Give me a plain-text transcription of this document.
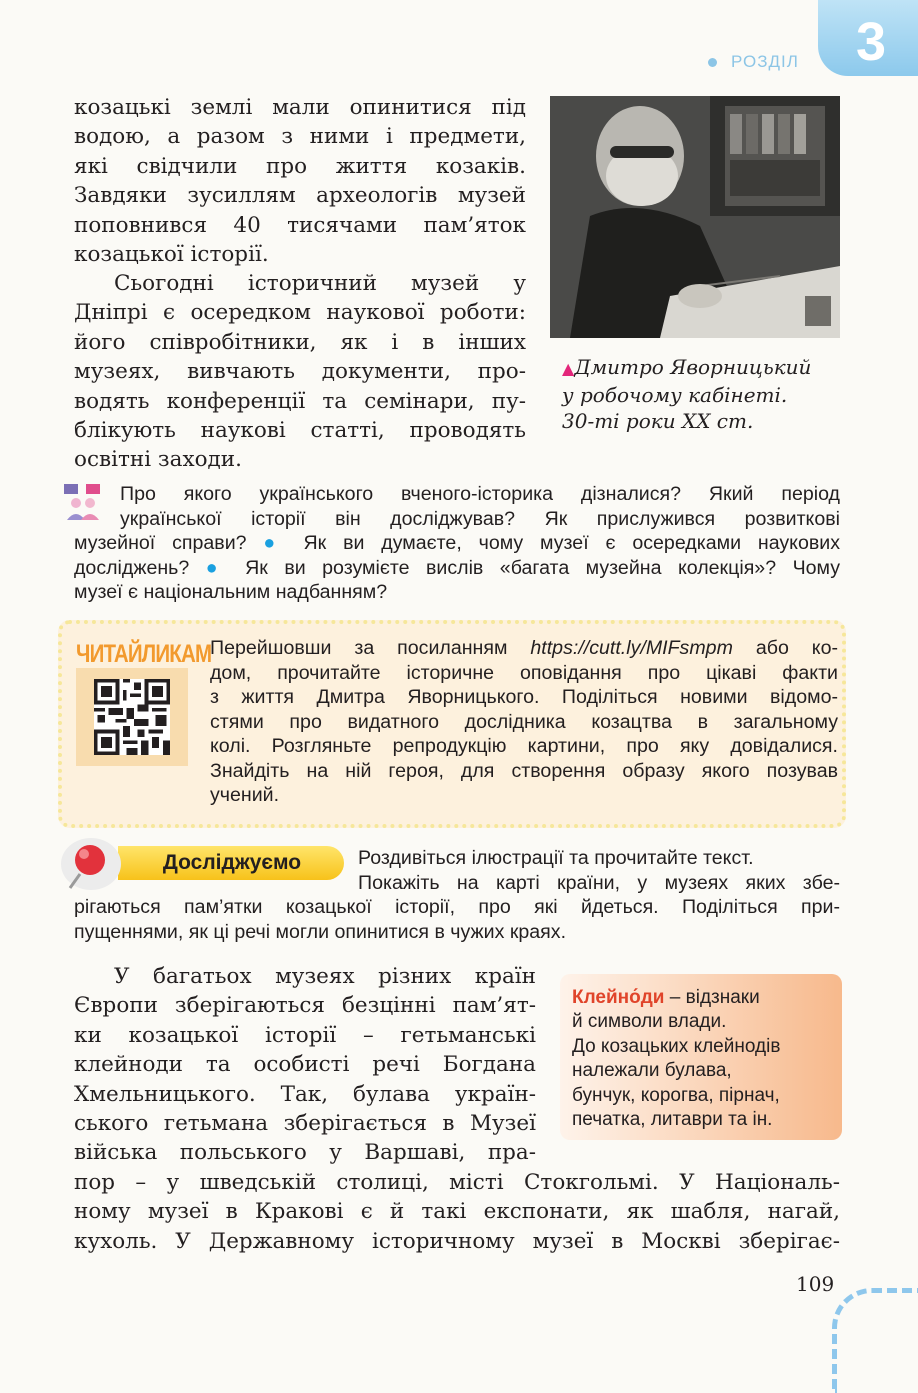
3
РОЗДІЛ

козацькі землі мали опинитися під

водою, а разом з ними і предмети,

які свідчили про життя козаків.

Завдяки зусиллям археологів музей

поповнився 40 тисячами пам’яток

козацької історії.

Сьогодні історичний музей у

Дніпрі є осередком наукової роботи:

його співробітники, як і в інших

музеях, вивчають документи, про-

водять конференції та семінари, пу-

блікують наукові статті, проводять

освітні заходи.

▲Дмитро Яворницький
у робочому кабінеті.
30-ті роки XX ст.
Про якого українського вченого-історика дізналися? Який період
української історії він досліджував? Як прислужився розвиткові
музейної справи? ● Як ви думаєте, чому музеї є осередками наукових
досліджень? ● Як ви розумієте вислів «багата музейна колекція»? Чому
музеї є національним надбанням?
ЧИТАЙЛИКАМ
Перейшовши за посиланням https://cutt.ly/MIFsmpm або ко-
дом, прочитайте історичне оповідання про цікаві факти
з життя Дмитра Яворницького. Поділіться новими відомо-
стями про видатного дослідника козацтва в загальному
колі. Розгляньте репродукцію картини, про яку довідалися.
Знайдіть на ній героя, для створення образу якого позував
учений.
Досліджуємо	Роздивіться ілюстрації та прочитайте текст.
Покажіть на карті країни, у музеях яких збе-
рігаються пам’ятки козацької історії, про які йдеться. Поділіться при-
пущеннями, як ці речі могли опинитися в чужих краях.

У багатьох музеях різних країн

Європи зберігаються безцінні пам’ят-

ки козацької історії – гетьманські

клейноди та особисті речі Богдана

Хмельницького. Так, булава україн-

ського гетьмана зберігається в Музеї

війська польського у Варшаві, пра-

пор – у шведській столиці, місті Стокгольмі. У Національ-

ному музеї в Кракові є й такі експонати, як шабля, нагай,

кухоль. У Державному історичному музеї в Москві зберігає-

Клейно́ди – відзнаки
й символи влади.
До козацьких клейнодів
належали булава,
бунчук, корогва, пірнач,
печатка, литаври та ін.
109
